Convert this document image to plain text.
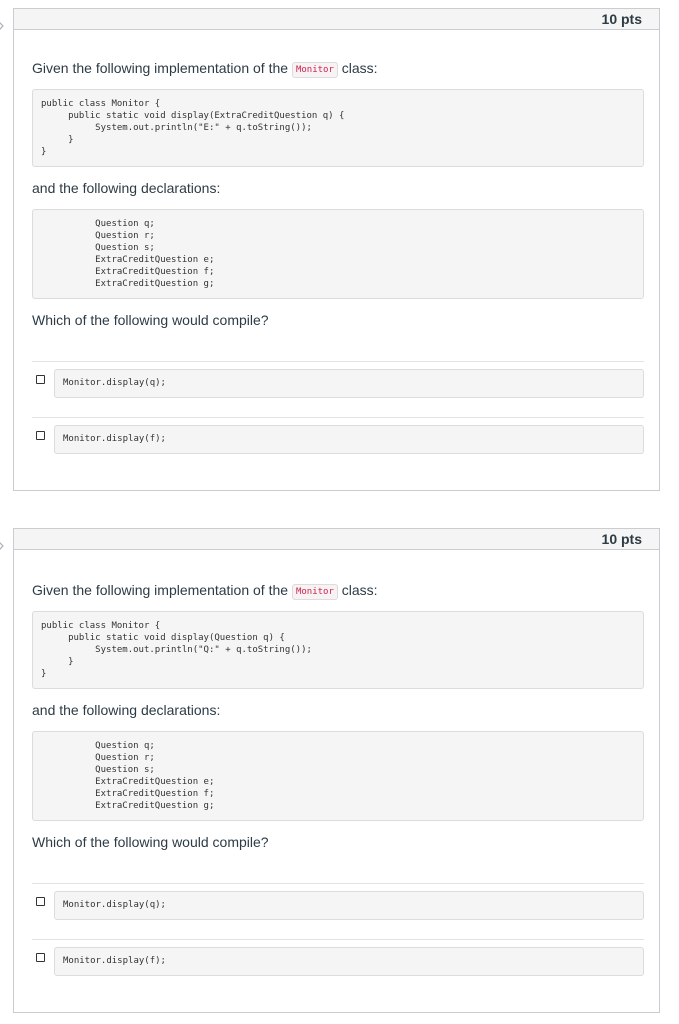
10 pts
Given the following implementation of the Monitor class:
public class Monitor {
public static void display(ExtraCreditQuestion q) {
System.out.println("E:" + q.toString());
}
}
and the following declarations:
Question q;
Question r;
Question s;
ExtraCreditQuestion e;
ExtraCreditQuestion f;
ExtraCreditQuestion g;
Which of the following would compile?
Monitor.display(q);
Monitor.display(f);
10 pts
Given the following implementation of the Monitor class:
public class Monitor {
public static void display(Question q) {
System.out.println("Q:" + q.toString());
}
}
and the following declarations:
Question q;
Question r;
Question s;
ExtraCreditQuestion e;
ExtraCreditQuestion f;
ExtraCreditQuestion g;
Which of the following would compile?
Monitor.display(q);
Monitor.display(f);
